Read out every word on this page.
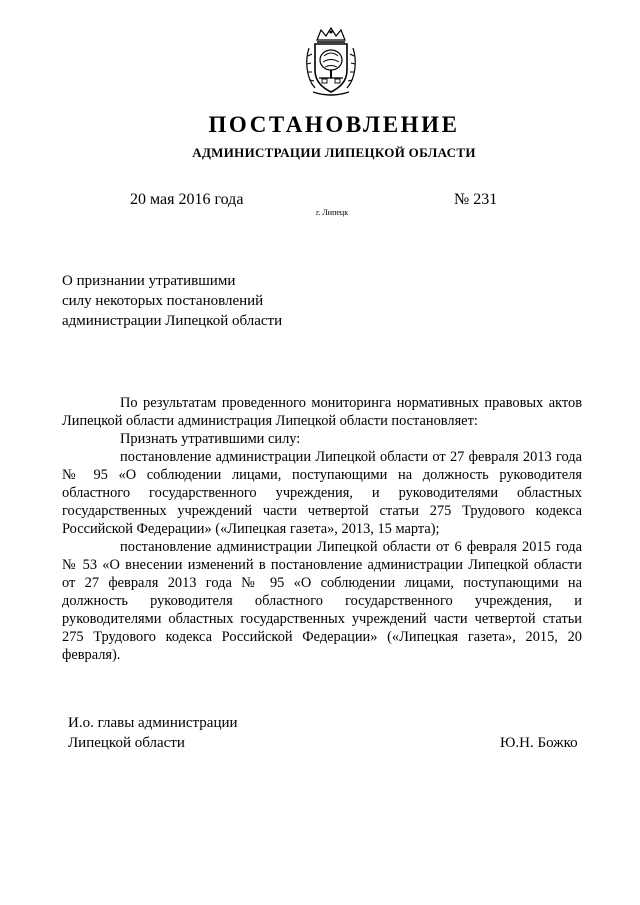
ПОСТАНОВЛЕНИЕ
АДМИНИСТРАЦИИ ЛИПЕЦКОЙ ОБЛАСТИ
20 мая 2016 года
г. Липецк
№ 231
О признании утратившими
силу некоторых постановлений
администрации Липецкой области

По результатам проведенного мониторинга нормативных правовых актов Липецкой области администрация Липецкой области постановляет:

Признать утратившими силу:

постановление администрации Липецкой области от 27 февраля 2013 года № 95 «О соблюдении лицами, поступающими на должность руководителя областного государственного учреждения, и руководителями областных государственных учреждений части четвертой статьи 275 Трудового кодекса Российской Федерации» («Липецкая газета», 2013, 15 марта);

постановление администрации Липецкой области от 6 февраля 2015 года № 53 «О внесении изменений в постановление администрации Липецкой области от 27 февраля 2013 года № 95 «О соблюдении лицами, поступающими на должность руководителя областного государственного учреждения, и руководителями областных государственных учреждений части четвертой статьи 275 Трудового кодекса Российской Федерации» («Липецкая газета», 2015, 20 февраля).

И.о. главы администрации
Липецкой области	Ю.Н. Божко
